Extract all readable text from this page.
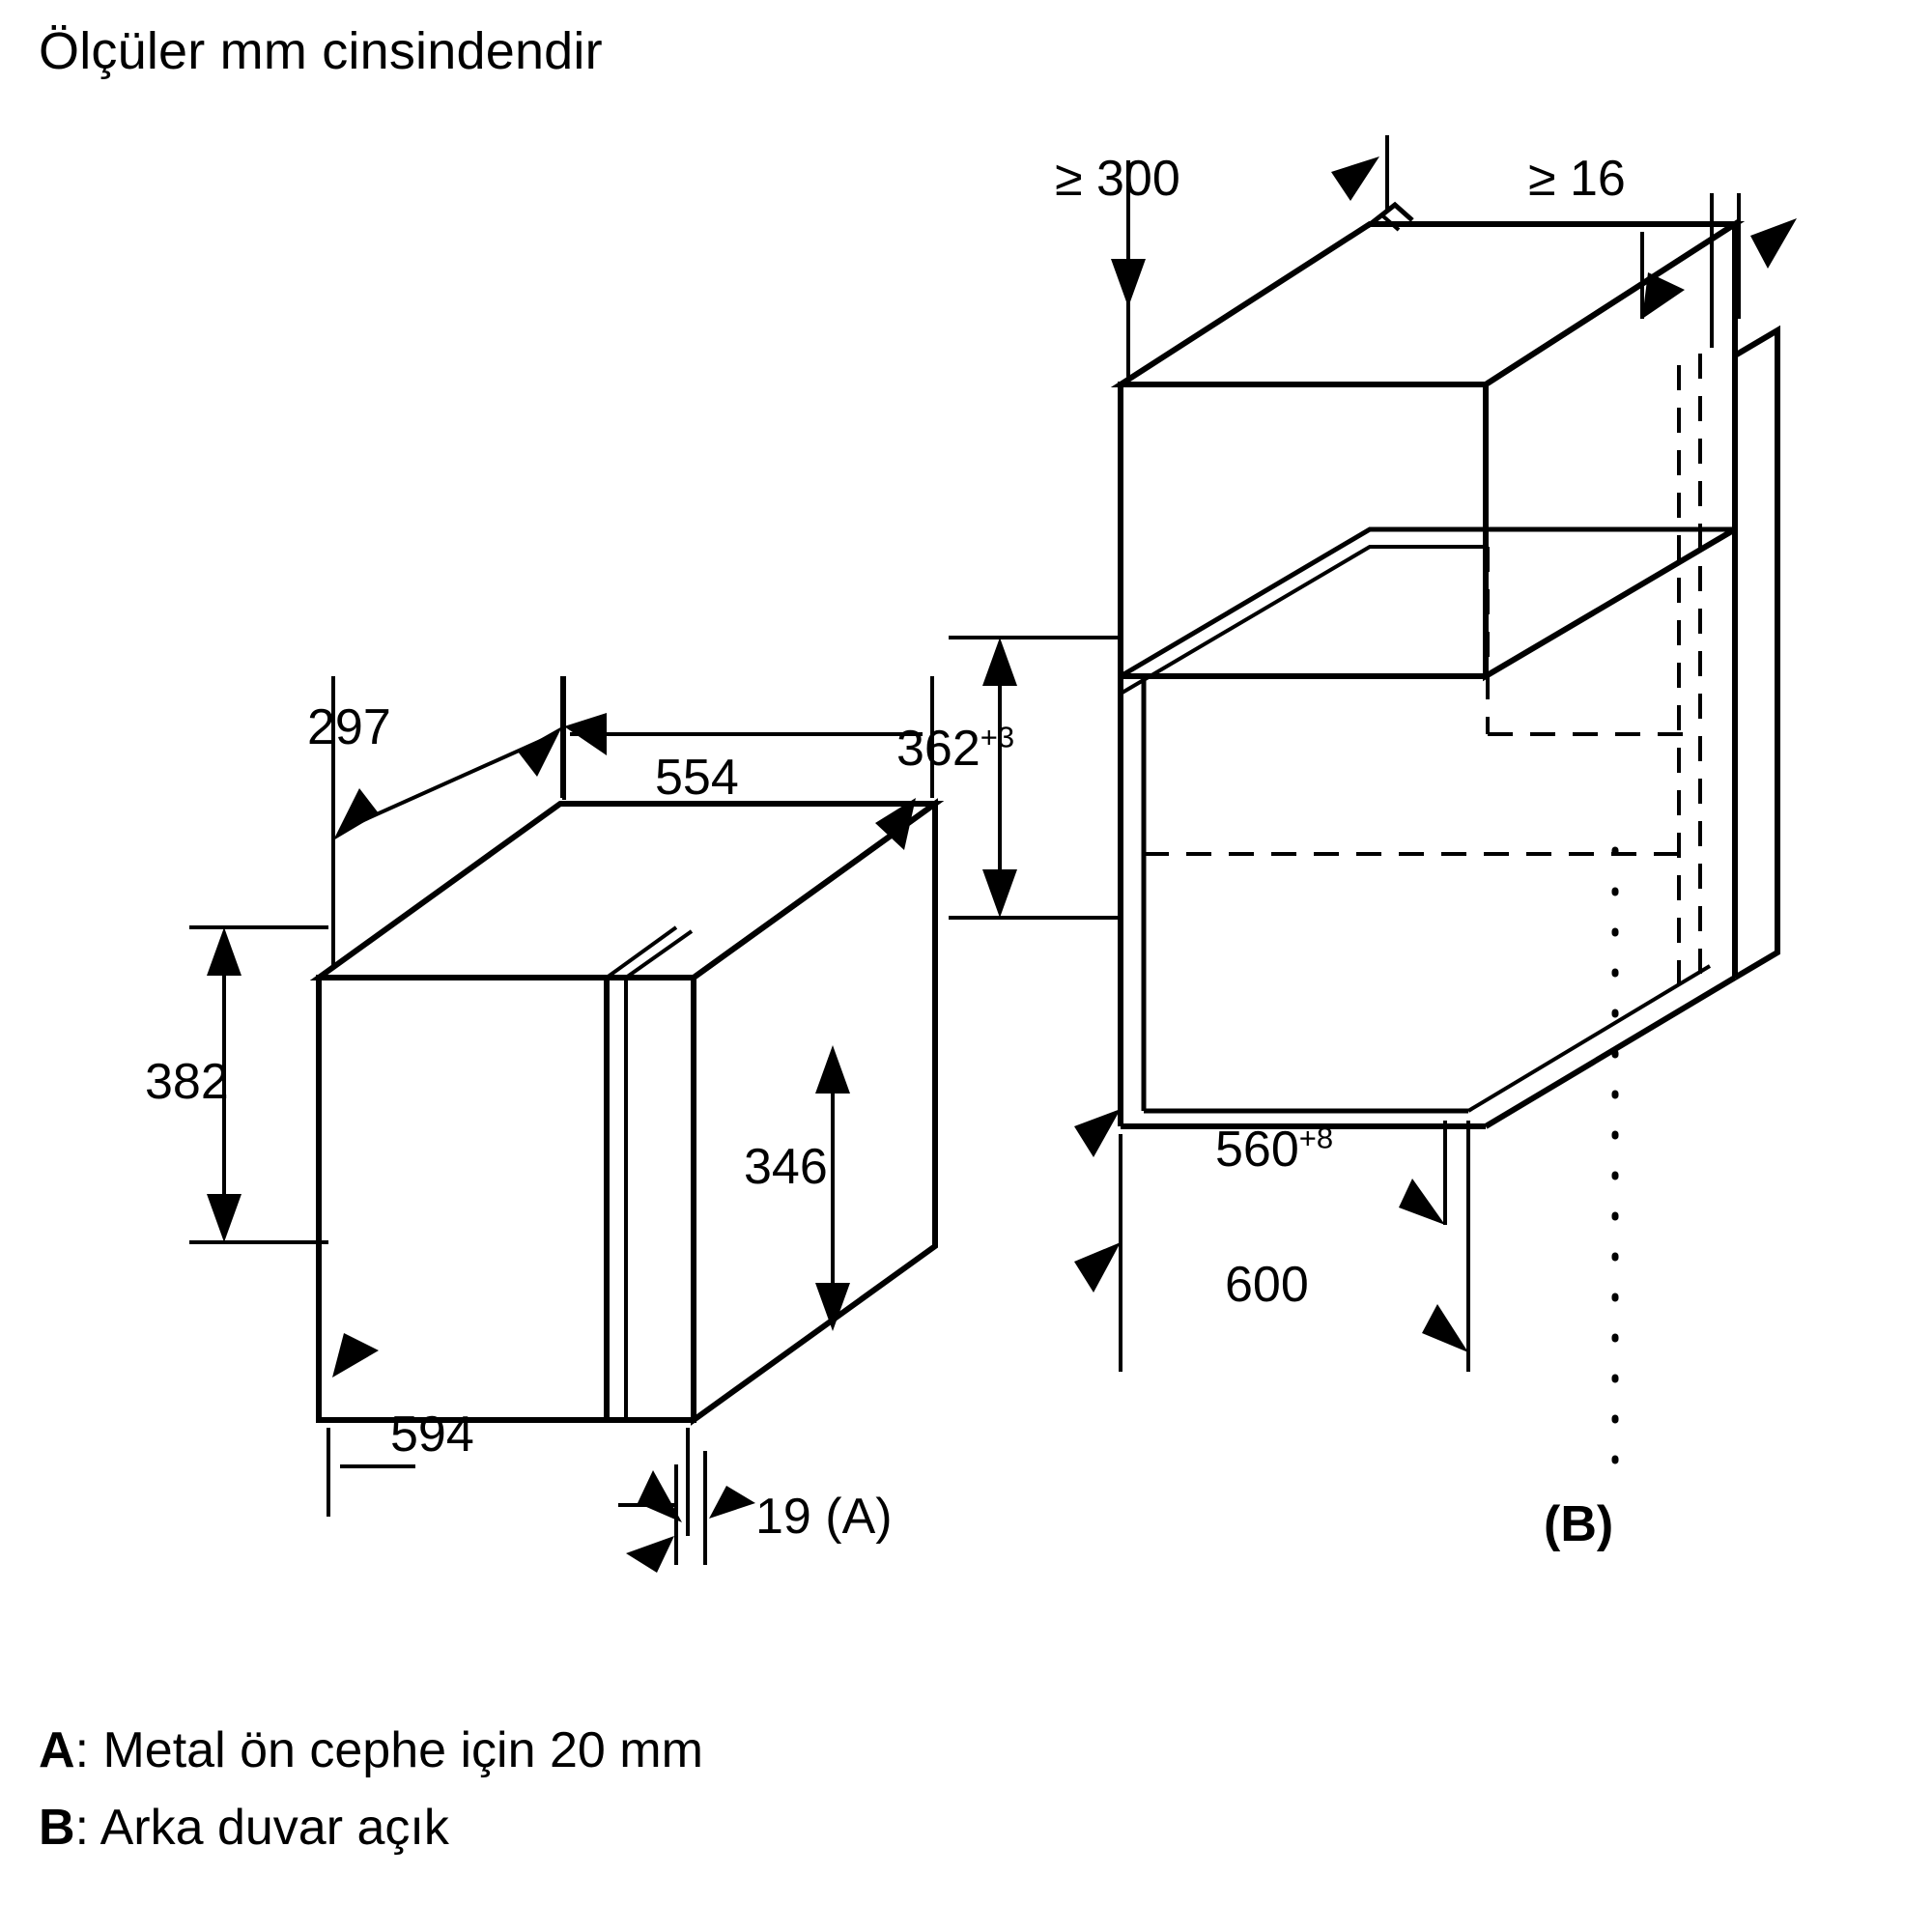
Ölçüler mm cinsindendir
297
554
382
346
594
19 (A)
≥ 300	≥ 16
$362^{+3}$
$560^{+8}$
600
(B)
A: Metal ön cephe için 20 mm
B: Arka duvar açık
